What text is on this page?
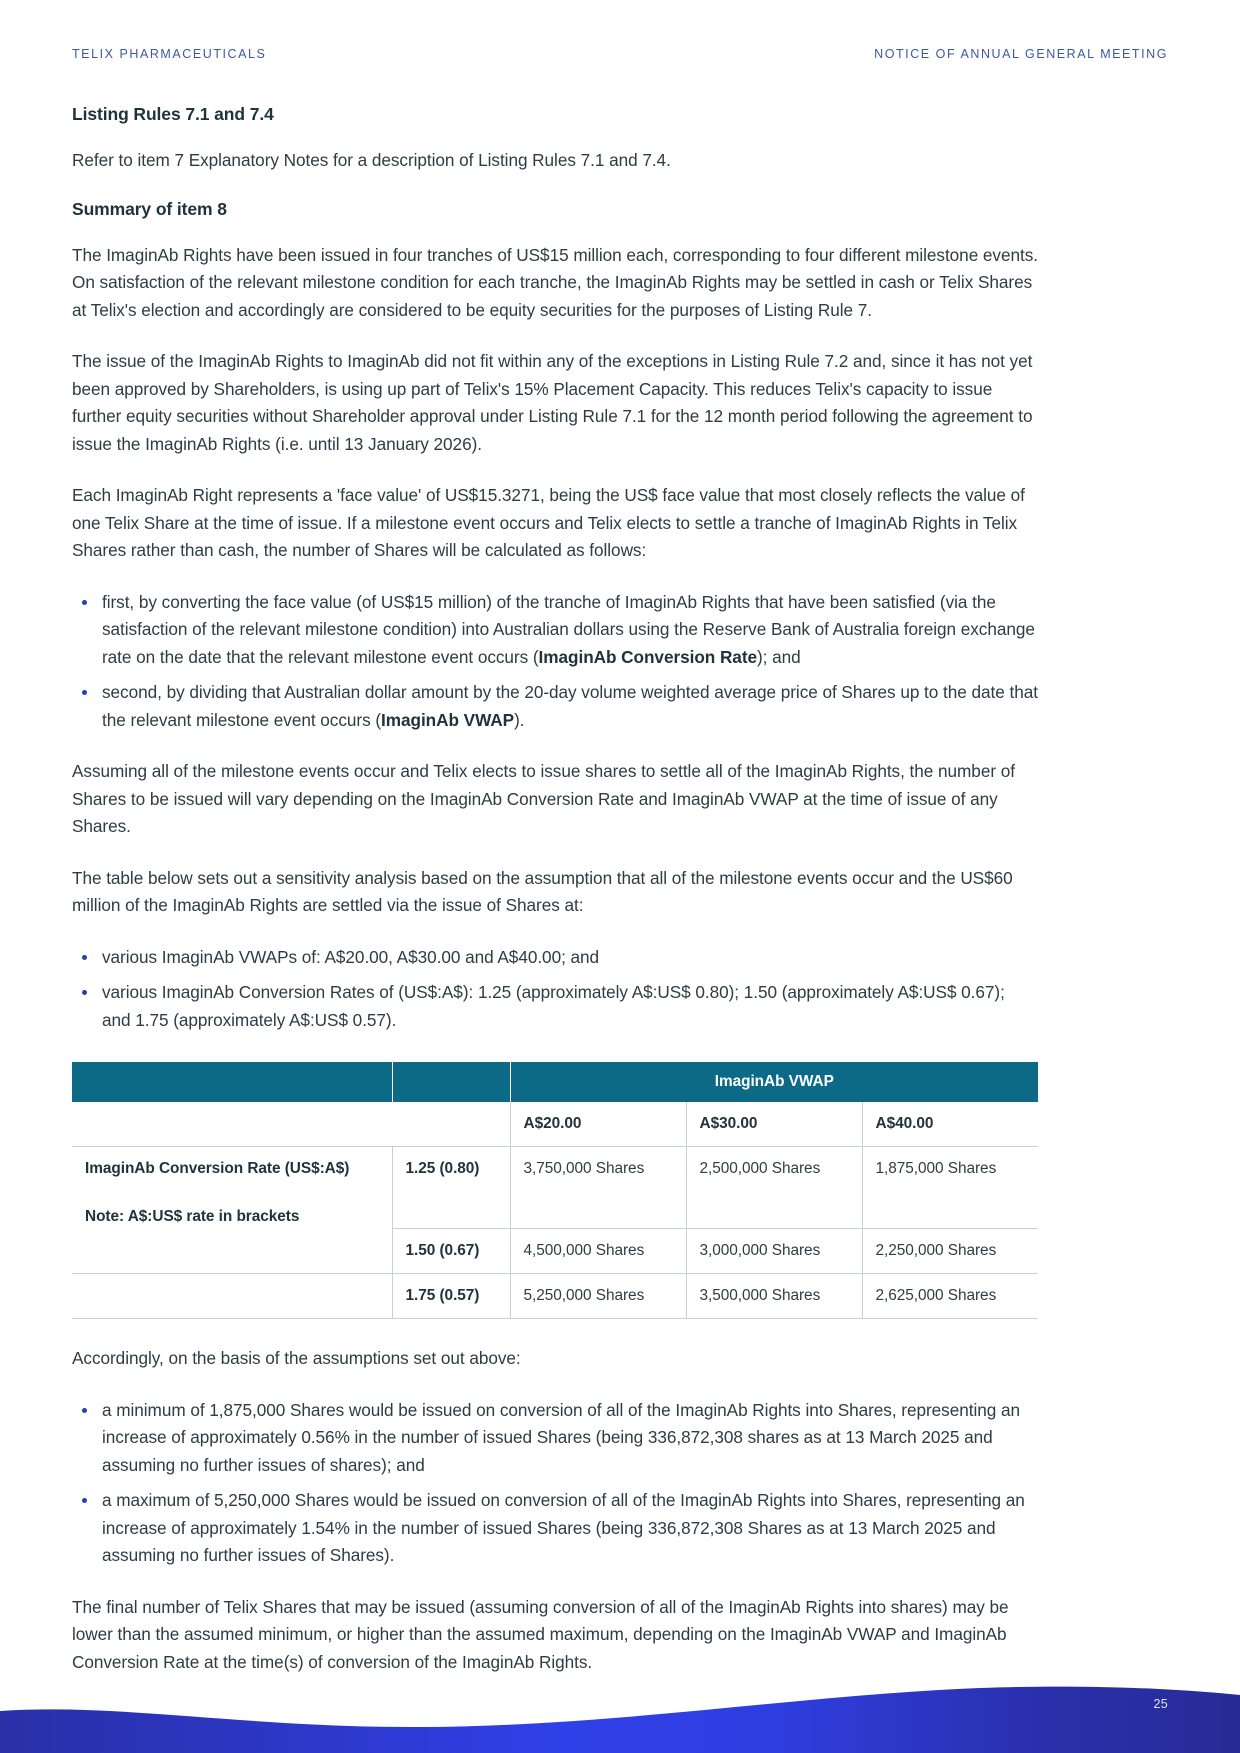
TELIX PHARMACEUTICALS	NOTICE OF ANNUAL GENERAL MEETING
Listing Rules 7.1 and 7.4

Refer to item 7 Explanatory Notes for a description of Listing Rules 7.1 and 7.4.

Summary of item 8

The ImaginAb Rights have been issued in four tranches of US$15 million each, corresponding to four different milestone events. On satisfaction of the relevant milestone condition for each tranche, the ImaginAb Rights may be settled in cash or Telix Shares at Telix's election and accordingly are considered to be equity securities for the purposes of Listing Rule 7.

The issue of the ImaginAb Rights to ImaginAb did not fit within any of the exceptions in Listing Rule 7.2 and, since it has not yet been approved by Shareholders, is using up part of Telix's 15% Placement Capacity. This reduces Telix's capacity to issue further equity securities without Shareholder approval under Listing Rule 7.1 for the 12 month period following the agreement to issue the ImaginAb Rights (i.e. until 13 January 2026).

Each ImaginAb Right represents a 'face value' of US$15.3271, being the US$ face value that most closely reflects the value of one Telix Share at the time of issue. If a milestone event occurs and Telix elects to settle a tranche of ImaginAb Rights in Telix Shares rather than cash, the number of Shares will be calculated as follows:

first, by converting the face value (of US$15 million) of the tranche of ImaginAb Rights that have been satisfied (via the satisfaction of the relevant milestone condition) into Australian dollars using the Reserve Bank of Australia foreign exchange rate on the date that the relevant milestone event occurs (ImaginAb Conversion Rate); and
second, by dividing that Australian dollar amount by the 20-day volume weighted average price of Shares up to the date that the relevant milestone event occurs (ImaginAb VWAP).

Assuming all of the milestone events occur and Telix elects to issue shares to settle all of the ImaginAb Rights, the number of Shares to be issued will vary depending on the ImaginAb Conversion Rate and ImaginAb VWAP at the time of issue of any Shares.

The table below sets out a sensitivity analysis based on the assumption that all of the milestone events occur and the US$60 million of the ImaginAb Rights are settled via the issue of Shares at:

various ImaginAb VWAPs of: A$20.00, A$30.00 and A$40.00; and
various ImaginAb Conversion Rates of (US$:A$): 1.25 (approximately A$:US$ 0.80); 1.50 (approximately A$:US$ 0.67); and 1.75 (approximately A$:US$ 0.57).
		ImaginAb VWAP		
		A$20.00	A$30.00	A$40.00

ImaginAb Conversion Rate (US$:A$)
Note: A$:US$ rate in brackets	1.25 (0.80)	3,750,000 Shares	2,500,000 Shares	1,875,000 Shares
	1.50 (0.67)	4,500,000 Shares	3,000,000 Shares	2,250,000 Shares
	1.75 (0.57)	5,250,000 Shares	3,500,000 Shares	2,625,000 Shares

Accordingly, on the basis of the assumptions set out above:

a minimum of 1,875,000 Shares would be issued on conversion of all of the ImaginAb Rights into Shares, representing an increase of approximately 0.56% in the number of issued Shares (being 336,872,308 shares as at 13 March 2025 and assuming no further issues of shares); and
a maximum of 5,250,000 Shares would be issued on conversion of all of the ImaginAb Rights into Shares, representing an increase of approximately 1.54% in the number of issued Shares (being 336,872,308 Shares as at 13 March 2025 and assuming no further issues of Shares).

The final number of Telix Shares that may be issued (assuming conversion of all of the ImaginAb Rights into shares) may be lower than the assumed minimum, or higher than the assumed maximum, depending on the ImaginAb VWAP and ImaginAb Conversion Rate at the time(s) of conversion of the ImaginAb Rights.

25
